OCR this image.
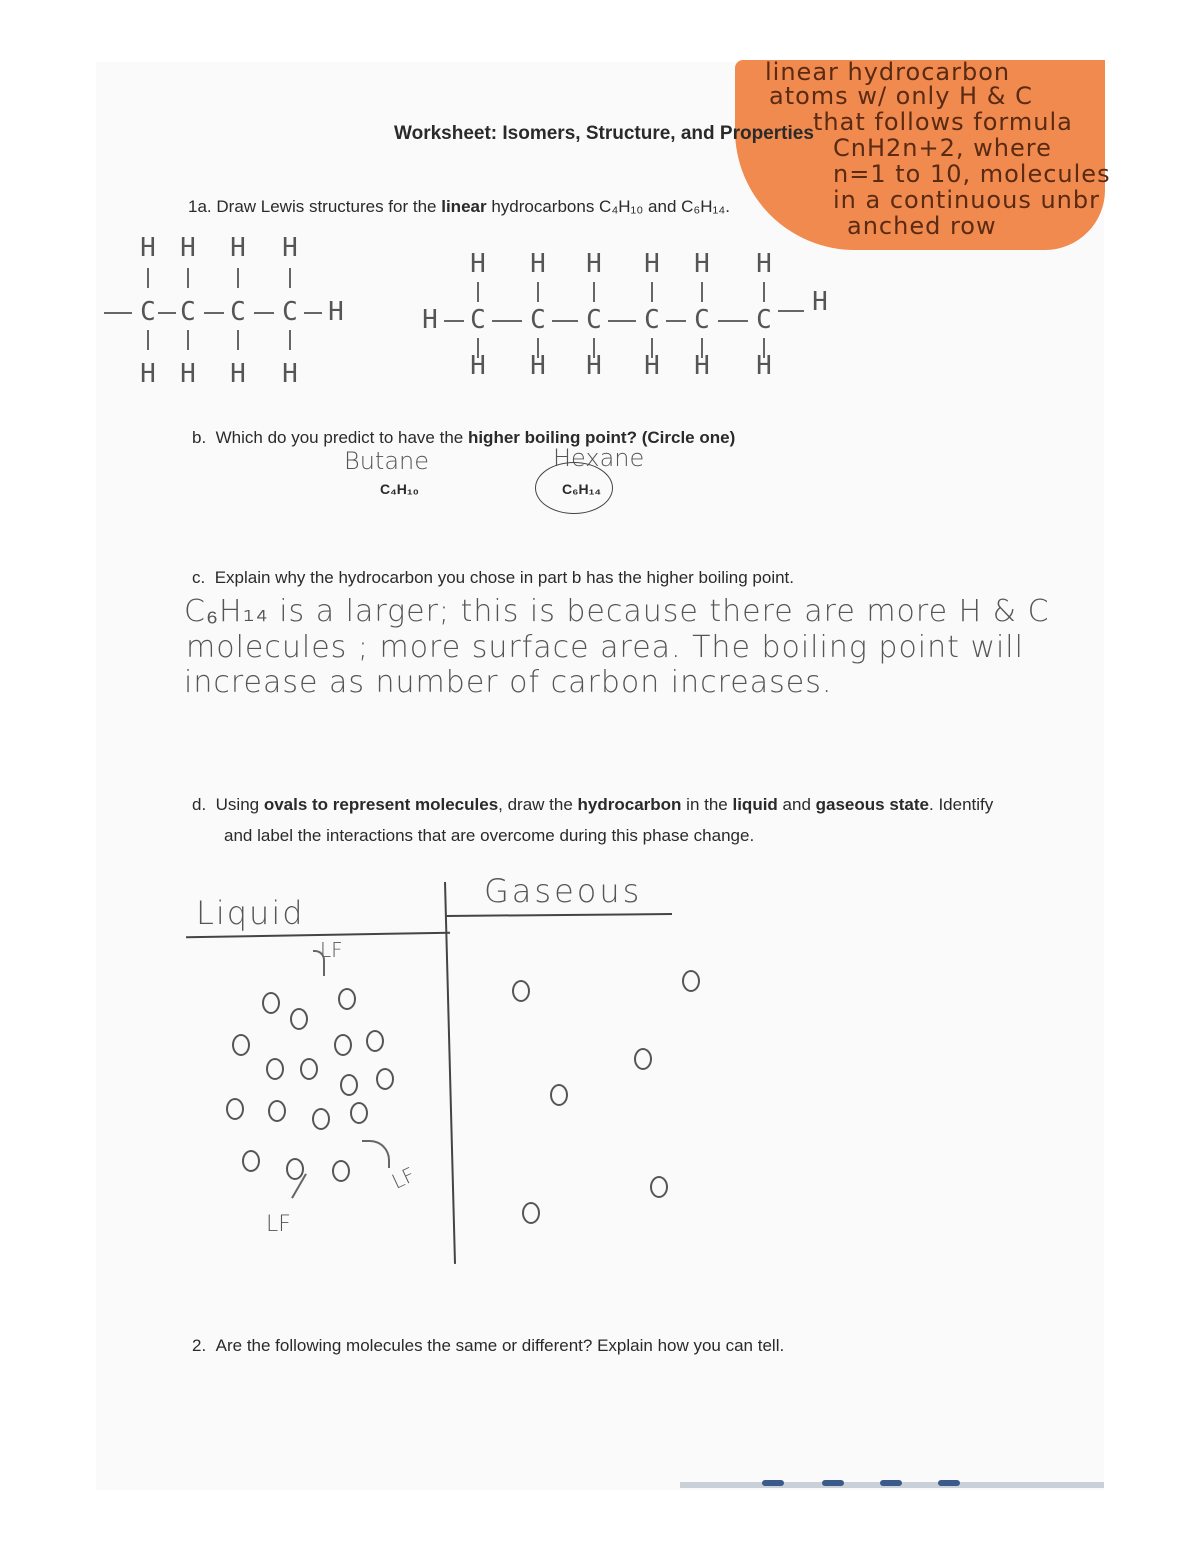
linear hydrocarbon
atoms w/ only H & C
that follows formula
CnH2n+2, where
n=1 to 10, molecules
in a continuous unbr
anched row
Worksheet: Isomers, Structure, and Properties
1a. Draw Lewis structures for the linear hydrocarbons C₄H₁₀ and C₆H₁₄.
H
C
H
H
C
H
H
C
H
H
C
H
H
H
C
H
H
C
H
H
C
H
H
C
H
H
C
H
H
C
H
H
H
b. Which do you predict to have the higher boiling point? (Circle one)
Butane
C₄H₁₀
Hexane
C₆H₁₄
c. Explain why the hydrocarbon you chose in part b has the higher boiling point.
C₆H₁₄ is a larger; this is because there are more H & C
molecules ; more surface area. The boiling point will
increase as number of carbon increases.
d. Using ovals to represent molecules, draw the hydrocarbon in the liquid and gaseous state. Identify
and label the interactions that are overcome during this phase change.
Liquid
Gaseous
LF
LF
LF
2. Are the following molecules the same or different? Explain how you can tell.
